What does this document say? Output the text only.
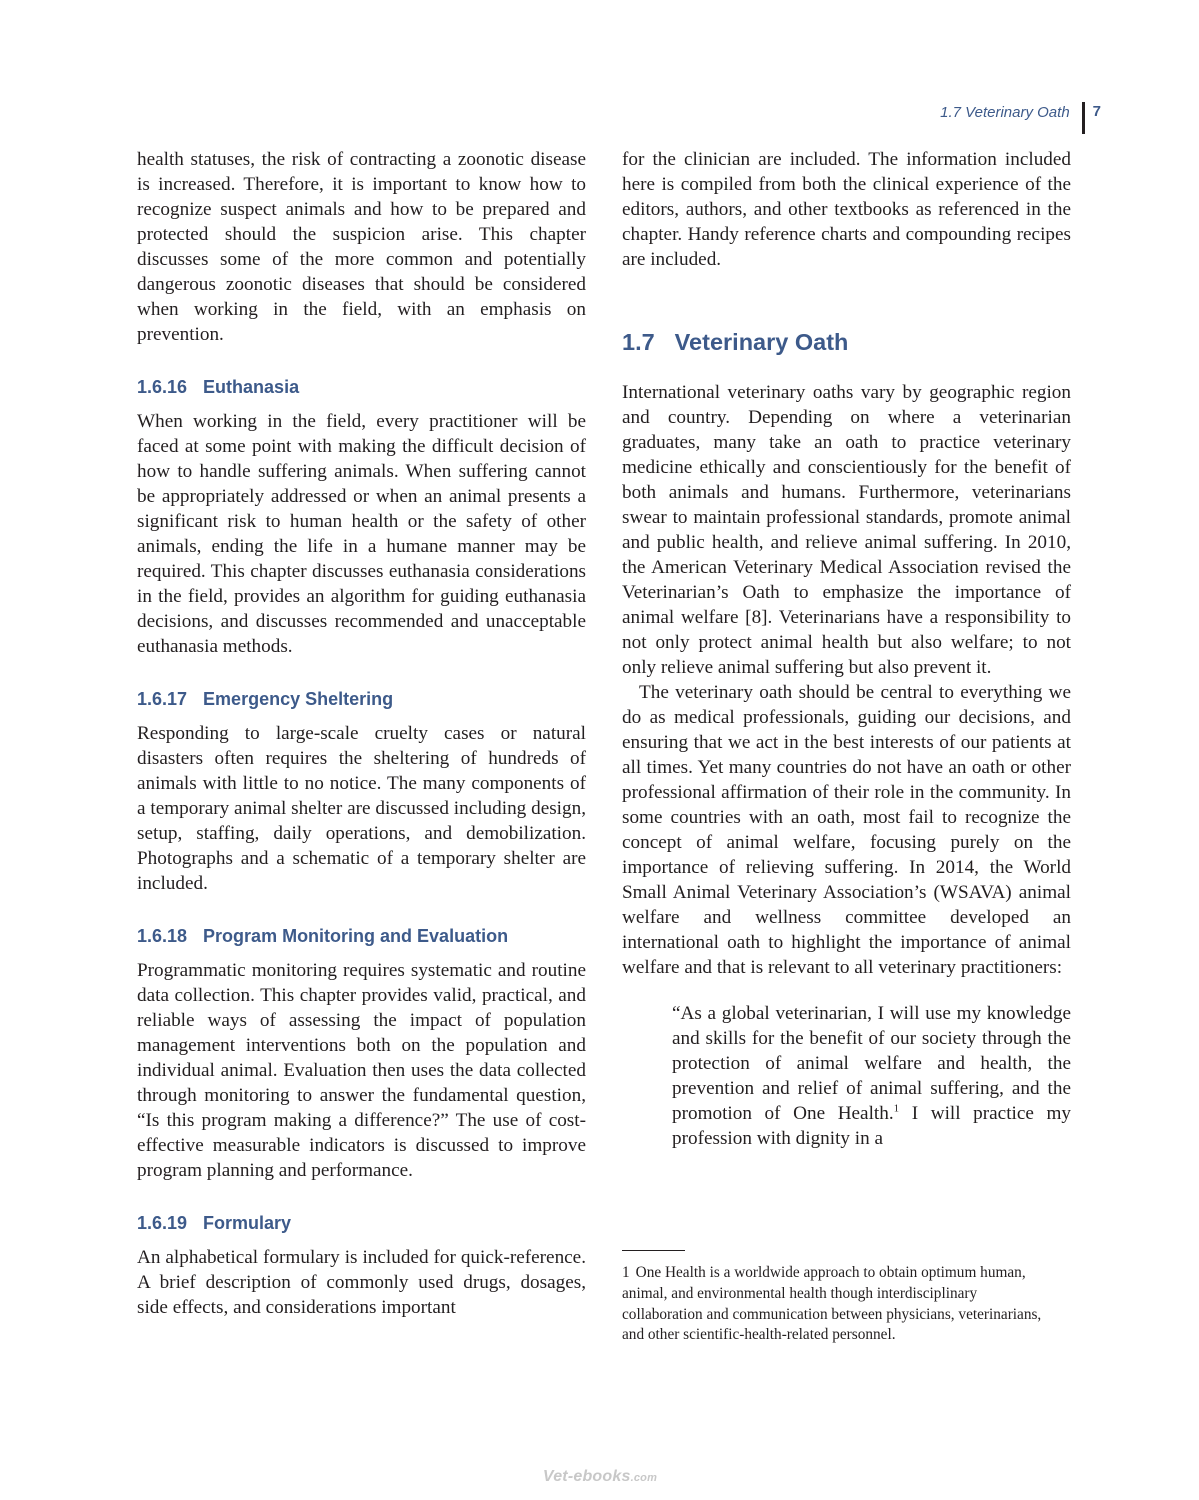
1.7 Veterinary Oath 7

health statuses, the risk of contracting a zoonotic disease is increased. Therefore, it is important to know how to recognize suspect animals and how to be prepared and protected should the suspicion arise. This chapter discusses some of the more common and potentially dangerous zoonotic diseases that should be considered when working in the field, with an emphasis on prevention.

1.6.16 Euthanasia

When working in the field, every practitioner will be faced at some point with making the difficult decision of how to handle suffering animals. When suffering cannot be appropriately addressed or when an animal presents a significant risk to human health or the safety of other animals, ending the life in a humane manner may be required. This chapter discusses euthanasia considerations in the field, provides an algorithm for guiding euthanasia decisions, and discusses recommended and unacceptable euthanasia methods.

1.6.17 Emergency Sheltering

Responding to large-scale cruelty cases or natural disasters often requires the sheltering of hundreds of animals with little to no notice. The many components of a temporary animal shelter are discussed including design, setup, staffing, daily operations, and demobilization. Photographs and a schematic of a temporary shelter are included.

1.6.18 Program Monitoring and Evaluation

Programmatic monitoring requires systematic and routine data collection. This chapter provides valid, practical, and reliable ways of assessing the impact of population management interventions both on the population and individual animal. Evaluation then uses the data collected through monitoring to answer the fundamental question, “Is this program making a difference?” The use of cost-effective measurable indicators is discussed to improve program planning and performance.

1.6.19 Formulary

An alphabetical formulary is included for quick-reference. A brief description of commonly used drugs, dosages, side effects, and considerations important

for the clinician are included. The information included here is compiled from both the clinical experience of the editors, authors, and other textbooks as referenced in the chapter. Handy reference charts and compounding recipes are included.

1.7 Veterinary Oath

International veterinary oaths vary by geographic region and country. Depending on where a veterinarian graduates, many take an oath to practice veterinary medicine ethically and conscientiously for the benefit of both animals and humans. Furthermore, veterinarians swear to maintain professional standards, promote animal and public health, and relieve animal suffering. In 2010, the American Veterinary Medical Association revised the Veterinarian’s Oath to emphasize the importance of animal welfare [8]. Veterinarians have a responsibility to not only protect animal health but also welfare; to not only relieve animal suffering but also prevent it.

The veterinary oath should be central to everything we do as medical professionals, guiding our decisions, and ensuring that we act in the best interests of our patients at all times. Yet many countries do not have an oath or other professional affirmation of their role in the community. In some countries with an oath, most fail to recognize the concept of animal welfare, focusing purely on the importance of relieving suffering. In 2014, the World Small Animal Veterinary Association’s (WSAVA) animal welfare and wellness committee developed an international oath to highlight the importance of animal welfare and that is relevant to all veterinary practitioners:

“As a global veterinarian, I will use my knowledge and skills for the benefit of our society through the protection of animal welfare and health, the prevention and relief of animal suffering, and the promotion of One Health.$^1$ I will practice my profession with dignity in a

1 One Health is a worldwide approach to obtain optimum human, animal, and environmental health though interdisciplinary collaboration and communication between physicians, veterinarians, and other scientific-health-related personnel.
Vet-ebooks.com
